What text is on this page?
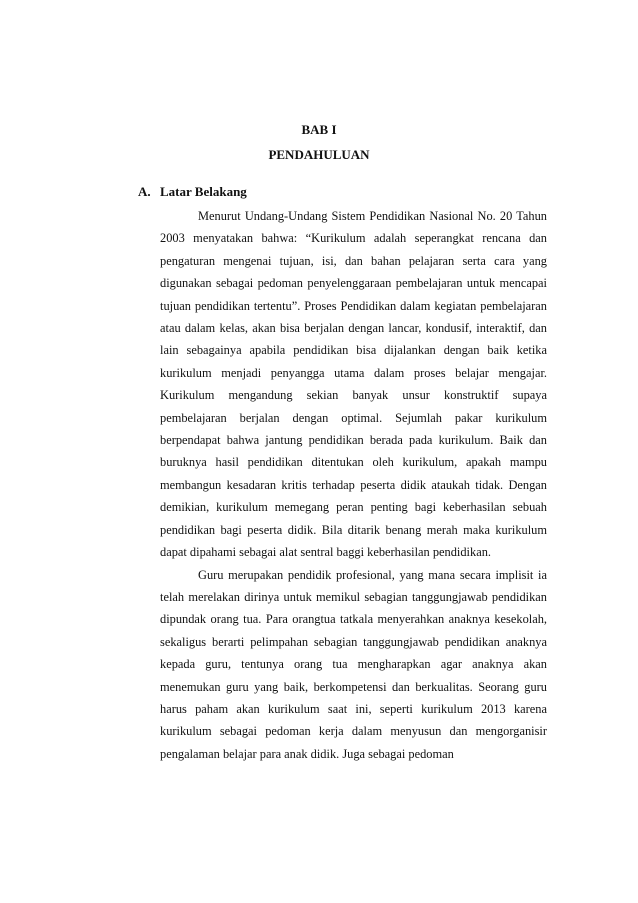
BAB I
PENDAHULUAN
A. Latar Belakang

Menurut Undang-Undang Sistem Pendidikan Nasional No. 20 Tahun 2003 menyatakan bahwa: “Kurikulum adalah seperangkat rencana dan pengaturan mengenai tujuan, isi, dan bahan pelajaran serta cara yang digunakan sebagai pedoman penyelenggaraan pembelajaran untuk mencapai tujuan pendidikan tertentu”. Proses Pendidikan dalam kegiatan pembelajaran atau dalam kelas, akan bisa berjalan dengan lancar, kondusif, interaktif, dan lain sebagainya apabila pendidikan bisa dijalankan dengan baik ketika kurikulum menjadi penyangga utama dalam proses belajar mengajar. Kurikulum mengandung sekian banyak unsur konstruktif supaya pembelajaran berjalan dengan optimal. Sejumlah pakar kurikulum berpendapat bahwa jantung pendidikan berada pada kurikulum. Baik dan buruknya hasil pendidikan ditentukan oleh kurikulum, apakah mampu membangun kesadaran kritis terhadap peserta didik ataukah tidak. Dengan demikian, kurikulum memegang peran penting bagi keberhasilan sebuah pendidikan bagi peserta didik. Bila ditarik benang merah maka kurikulum dapat dipahami sebagai alat sentral baggi keberhasilan pendidikan.

Guru merupakan pendidik profesional, yang mana secara implisit ia telah merelakan dirinya untuk memikul sebagian tanggungjawab pendidikan dipundak orang tua. Para orangtua tatkala menyerahkan anaknya kesekolah, sekaligus berarti pelimpahan sebagian tanggungjawab pendidikan anaknya kepada guru, tentunya orang tua mengharapkan agar anaknya akan menemukan guru yang baik, berkompetensi dan berkualitas. Seorang guru harus paham akan kurikulum saat ini, seperti kurikulum 2013 karena kurikulum sebagai pedoman kerja dalam menyusun dan mengorganisir pengalaman belajar para anak didik. Juga sebagai pedoman
